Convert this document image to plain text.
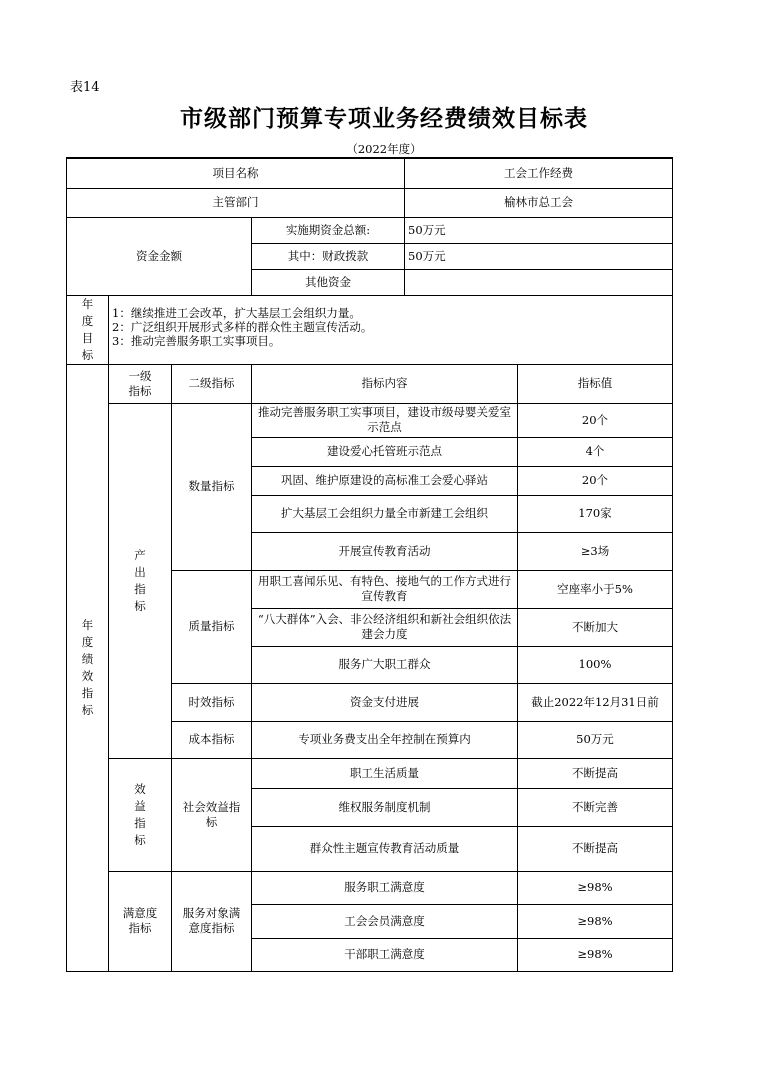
表14
市级部门预算专项业务经费绩效目标表
（2022年度）
项目名称				工会工作经费	
主管部门				榆林市总工会	
资金金额			实施期资金总额:	50万元	
			其中：财政拨款	50万元	
			其他资金		
年度目标	1：继续推进工会改革，扩大基层工会组织力量。
2：广泛组织开展形式多样的群众性主题宣传活动。
3：推动完善服务职工实事项目。				

年度绩效指标	一级指标	二级指标	指标内容		指标值
	产出指标	数量指标	推动完善服务职工实事项目，建设市级母婴关爱室示范点		20个
			建设爱心托管班示范点		4个
			巩固、维护原建设的高标准工会爱心驿站		20个
			扩大基层工会组织力量全市新建工会组织		170家
			开展宣传教育活动		≥3场
		质量指标	用职工喜闻乐见、有特色、接地气的工作方式进行宣传教育		空座率小于5%
			“八大群体”入会、非公经济组织和新社会组织依法建会力度		不断加大
			服务广大职工群众		100%
		时效指标	资金支付进展		截止2022年12月31日前
		成本指标	专项业务费支出全年控制在预算内		50万元
	效益指标	社会效益指标	职工生活质量		不断提高
			维权服务制度机制		不断完善
			群众性主题宣传教育活动质量		不断提高
	满意度指标	服务对象满意度指标	服务职工满意度		≥98%
			工会会员满意度		≥98%
			干部职工满意度		≥98%
